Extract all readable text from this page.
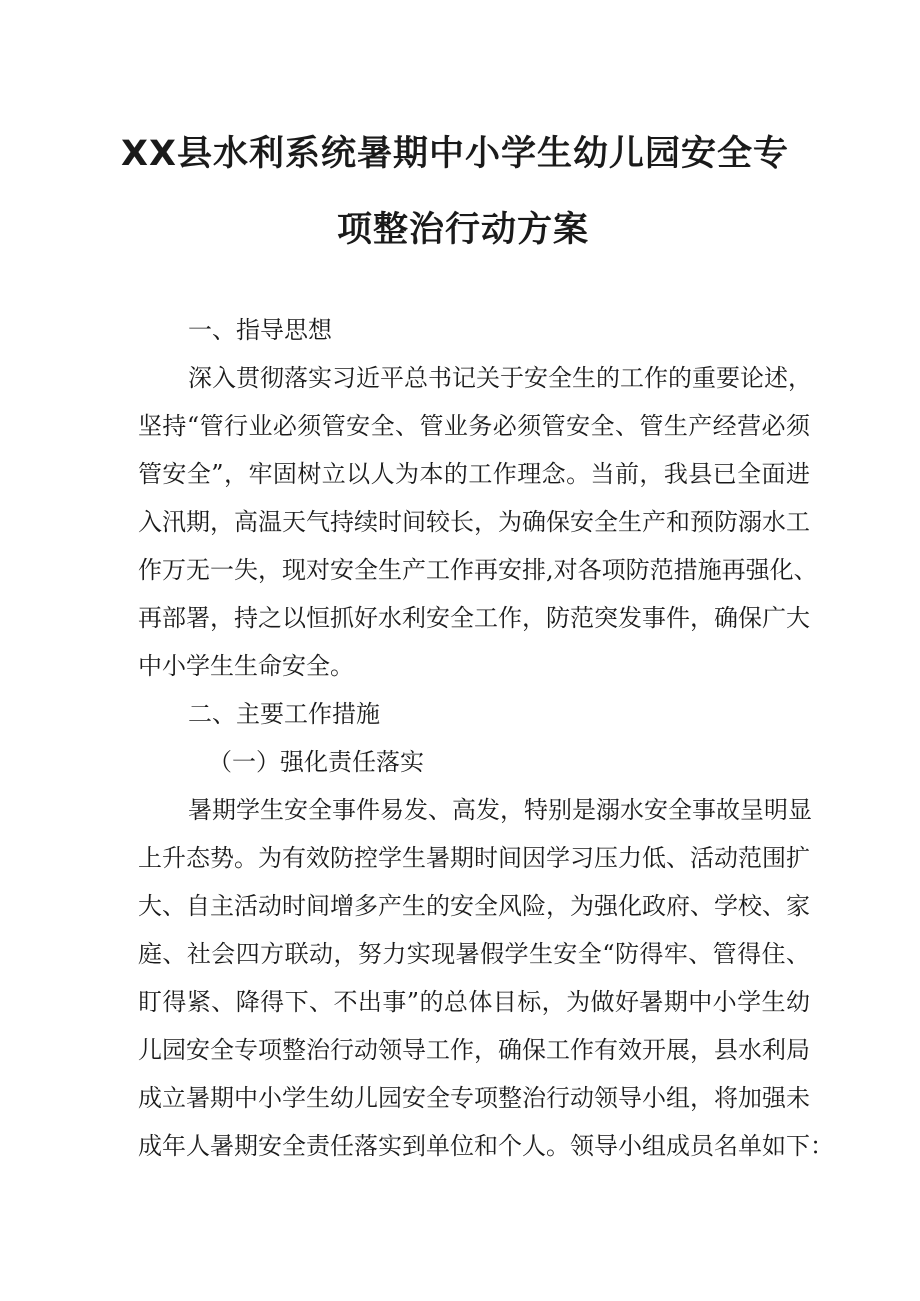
XX县水利系统暑期中小学生幼儿园安全专
项整治行动方案
一、指导思想
深入贯彻落实习近平总书记关于安全生的工作的重要论述，
坚持“管行业必须管安全、管业务必须管安全、管生产经营必须
管安全”，牢固树立以人为本的工作理念。当前，我县已全面进
入汛期，高温天气持续时间较长，为确保安全生产和预防溺水工
作万无一失，现对安全生产工作再安排,对各项防范措施再强化、
再部署，持之以恒抓好水利安全工作，防范突发事件，确保广大
中小学生生命安全。
二、主要工作措施
（一）强化责任落实
暑期学生安全事件易发、高发，特别是溺水安全事故呈明显
上升态势。为有效防控学生暑期时间因学习压力低、活动范围扩
大、自主活动时间增多产生的安全风险，为强化政府、学校、家
庭、社会四方联动，努力实现暑假学生安全“防得牢、管得住、
盯得紧、降得下、不出事”的总体目标，为做好暑期中小学生幼
儿园安全专项整治行动领导工作，确保工作有效开展，县水利局
成立暑期中小学生幼儿园安全专项整治行动领导小组，将加强未
成年人暑期安全责任落实到单位和个人。领导小组成员名单如下：
